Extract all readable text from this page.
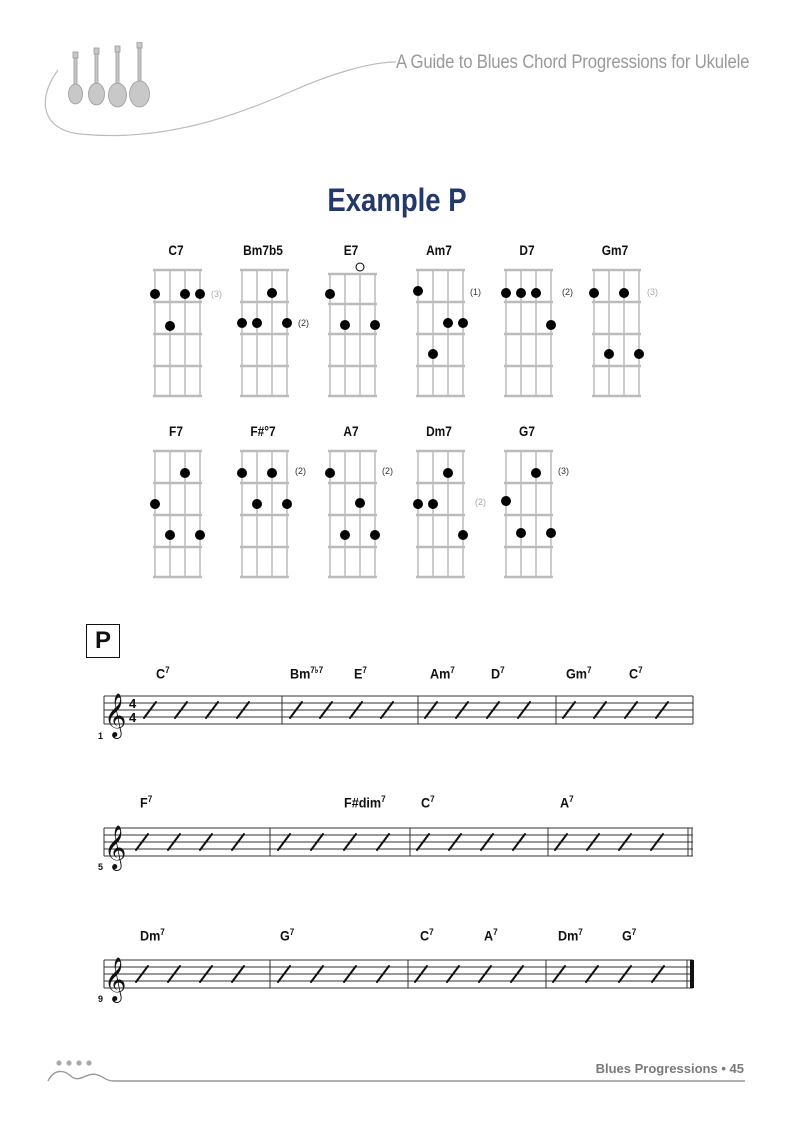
A Guide to Blues Chord Progressions for Ukulele
Example P
C7
(3)
Bm7b5
(2)
E7	Am7
(1)
D7
(2)
Gm7
(3)
F7	F#°7
(2)
A7
(2)
Dm7
(2)
G7
(3)
P
$C^7$	$Bm^{7♭7}$ $E^7$	Am$^7$	$D^7$	Gm$^7$	$C^7$
𝄞 4
4
1
$F^7$	F#dim$^7$	$C^7$	$A^7$
𝄞
5
Dm$^7$	$G^7$	$C^7$	$A^7$	Dm$^7$	$G^7$
𝄞
9
Blues Progressions • 45
